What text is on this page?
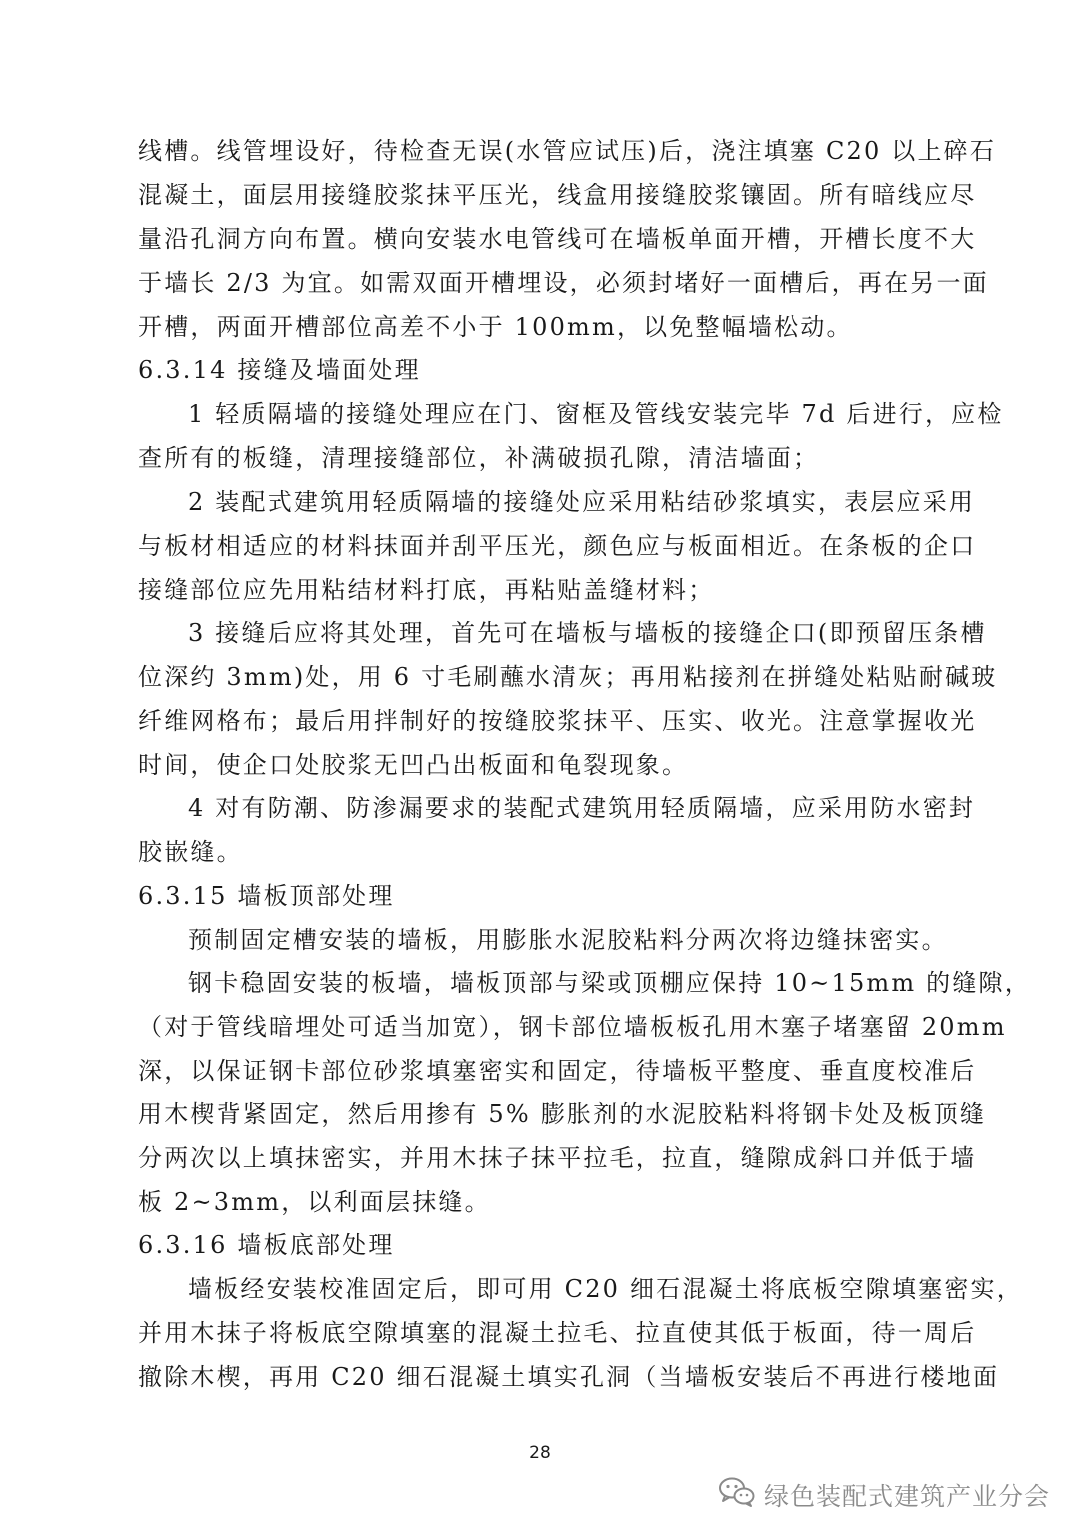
线槽。线管埋设好，待检查无误(水管应试压)后，浇注填塞 C20 以上碎石
混凝土，面层用接缝胶浆抹平压光，线盒用接缝胶浆镶固。所有暗线应尽
量沿孔洞方向布置。横向安装水电管线可在墙板单面开槽，开槽长度不大
于墙长 2/3 为宜。如需双面开槽埋设，必须封堵好一面槽后，再在另一面
开槽，两面开槽部位高差不小于 100mm，以免整幅墙松动。
6.3.14 接缝及墙面处理
1 轻质隔墙的接缝处理应在门、窗框及管线安装完毕 7d 后进行，应检
查所有的板缝，清理接缝部位，补满破损孔隙，清洁墙面；
2 装配式建筑用轻质隔墙的接缝处应采用粘结砂浆填实，表层应采用
与板材相适应的材料抹面并刮平压光，颜色应与板面相近。在条板的企口
接缝部位应先用粘结材料打底，再粘贴盖缝材料；
3 接缝后应将其处理，首先可在墙板与墙板的接缝企口(即预留压条槽
位深约 3mm)处，用 6 寸毛刷蘸水清灰；再用粘接剂在拼缝处粘贴耐碱玻
纤维网格布；最后用拌制好的按缝胶浆抹平、压实、收光。注意掌握收光
时间，使企口处胶浆无凹凸出板面和龟裂现象。
4 对有防潮、防渗漏要求的装配式建筑用轻质隔墙，应采用防水密封
胶嵌缝。
6.3.15 墙板顶部处理
预制固定槽安装的墙板，用膨胀水泥胶粘料分两次将边缝抹密实。
钢卡稳固安装的板墙，墙板顶部与梁或顶棚应保持 10~15mm 的缝隙，
（对于管线暗埋处可适当加宽），钢卡部位墙板板孔用木塞子堵塞留 20mm
深，以保证钢卡部位砂浆填塞密实和固定，待墙板平整度、垂直度校准后
用木楔背紧固定，然后用掺有 5% 膨胀剂的水泥胶粘料将钢卡处及板顶缝
分两次以上填抹密实，并用木抹子抹平拉毛，拉直，缝隙成斜口并低于墙
板 2~3mm，以利面层抹缝。
6.3.16 墙板底部处理
墙板经安装校准固定后，即可用 C20 细石混凝土将底板空隙填塞密实，
并用木抹子将板底空隙填塞的混凝土拉毛、拉直使其低于板面，待一周后
撤除木楔，再用 C20 细石混凝土填实孔洞（当墙板安装后不再进行楼地面
28
绿色装配式建筑产业分会
